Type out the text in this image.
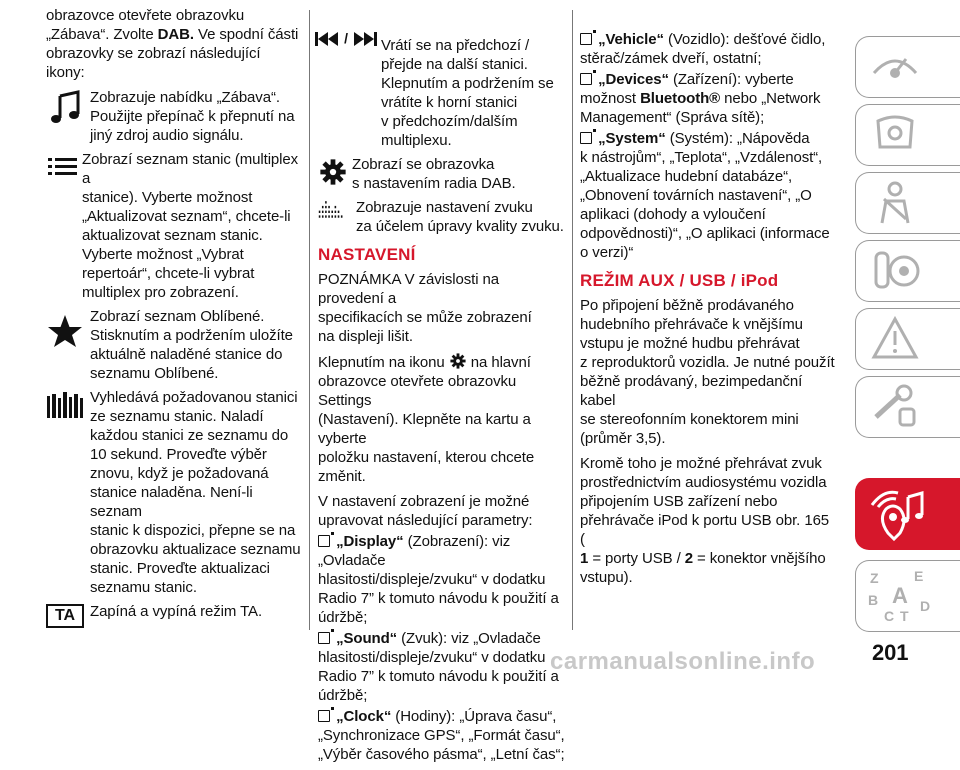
obrazovce otevřete obrazovku
„Zábava“. Zvolte DAB. Ve spodní části
obrazovky se zobrazí následující ikony:

Zobrazuje nabídku „Zábava“.
Použijte přepínač k přepnutí na
jiný zdroj audio signálu.
Zobrazí seznam stanic (multiplex a
stanice). Vyberte možnost
„Aktualizovat seznam“, chcete-li
aktualizovat seznam stanic.
Vyberte možnost „Vybrat
repertoár“, chcete-li vybrat
multiplex pro zobrazení.
Zobrazí seznam Oblíbené.
Stisknutím a podržením uložíte
aktuálně naladěné stanice do
seznamu Oblíbené.
Vyhledává požadovanou stanici
ze seznamu stanic. Naladí
každou stanici ze seznamu do
10 sekund. Proveďte výběr
znovu, když je požadovaná
stanice naladěna. Není-li seznam
stanic k dispozici, přepne se na
obrazovku aktualizace seznamu
stanic. Proveďte aktualizaci
seznamu stanic.
TA	Zapíná a vypíná režim TA.
/ Vrátí se na předchozí /
přejde na další stanici.
Klepnutím a podržením se
vrátíte k horní stanici
v předchozím/dalším
multiplexu.
Zobrazí se obrazovka
s nastavením radia DAB.
Zobrazuje nastavení zvuku
za účelem úpravy kvality zvuku.
NASTAVENÍ

POZNÁMKA V závislosti na provedení a
specifikacích se může zobrazení
na displeji lišit.

Klepnutím na ikonu na hlavní
obrazovce otevřete obrazovku Settings
(Nastavení). Klepněte na kartu a vyberte
položku nastavení, kterou chcete
změnit.

V nastavení zobrazení je možné
upravovat následující parametry:

„Display“ (Zobrazení): viz „Ovladače
hlasitosti/displeje/zvuku“ v dodatku
Radio 7” k tomuto návodu k použití a
údržbě;

„Sound“ (Zvuk): viz „Ovladače
hlasitosti/displeje/zvuku“ v dodatku
Radio 7” k tomuto návodu k použití a
údržbě;

„Clock“ (Hodiny): „Úprava času“,
„Synchronizace GPS“, „Formát času“,
„Výběr časového pásma“, „Letní čas“;

„Vehicle“ (Vozidlo): dešťové čidlo,
stěrač/zámek dveří, ostatní;

„Devices“ (Zařízení): vyberte
možnost Bluetooth® nebo „Network
Management“ (Správa sítě);

„System“ (Systém): „Nápověda
k nástrojům“, „Teplota“, „Vzdálenost“,
„Aktualizace hudební databáze“,
„Obnovení továrních nastavení“, „O
aplikaci (dohody a vyloučení
odpovědnosti)“, „O aplikaci (informace
o verzi)“

REŽIM AUX / USB / iPod

Po připojení běžně prodávaného
hudebního přehrávače k vnějšímu
vstupu je možné hudbu přehrávat
z reproduktorů vozidla. Je nutné použít
běžně prodávaný, bezimpedanční kabel
se stereofonním konektorem mini
(průměr 3,5).

Kromě toho je možné přehrávat zvuk
prostřednictvím audiosystému vozidla
připojením USB zařízení nebo
přehrávače iPod k portu USB obr. 165 (
1 = porty USB / 2 = konektor vnějšího
vstupu).	Z	E
B A
C T
D
201
carmanualsonline.info
